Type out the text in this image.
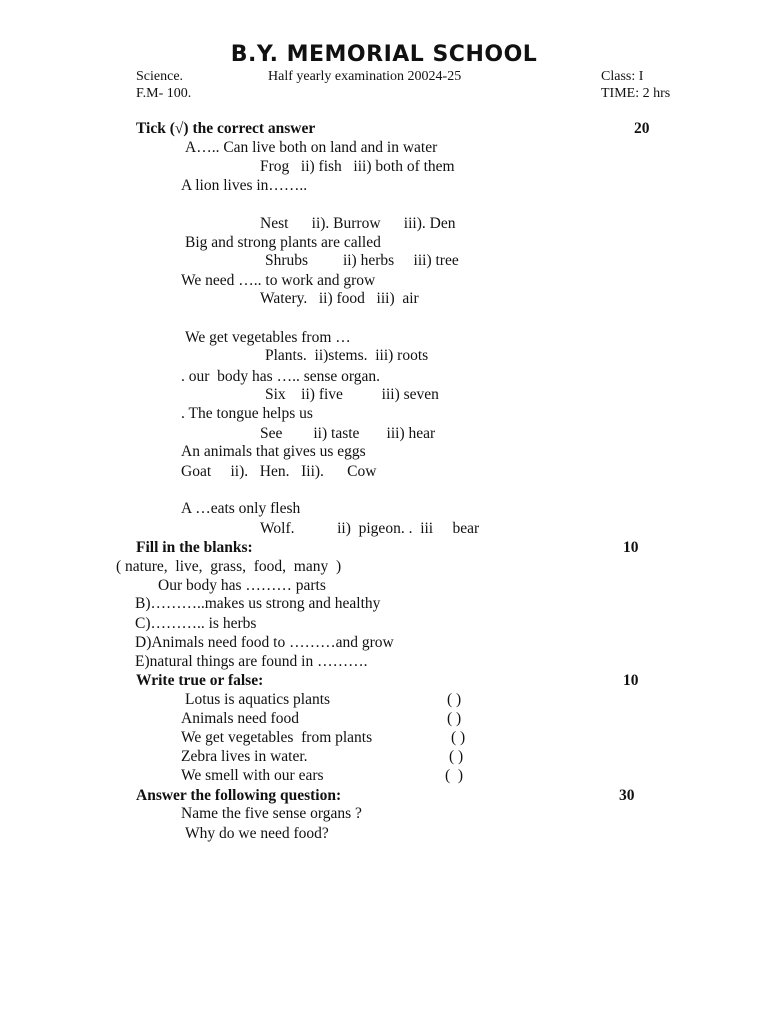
B.Y. MEMORIAL SCHOOL
Science.	Half yearly examination 20024-25	Class: I
F.M- 100.	TIME: 2 hrs
Tick (√) the correct answer	20
A….. Can live both on land and in water
Frog   ii) fish   iii) both of them
A lion lives in……..
Nest      ii). Burrow      iii). Den
Big and strong plants are called
Shrubs         ii) herbs     iii) tree
We need ….. to work and grow
Watery.   ii) food   iii)  air
We get vegetables from …
Plants.  ii)stems.  iii) roots
. our  body has ….. sense organ.
Six    ii) five          iii) seven
. The tongue helps us
See        ii) taste       iii) hear
An animals that gives us eggs
Goat     ii).   Hen.   Iii).      Cow
A …eats only flesh
Wolf.           ii)  pigeon. .  iii     bear
Fill in the blanks:	10
( nature,  live,  grass,  food,  many  )
Our body has ……… parts
B)………..makes us strong and healthy
C)……….. is herbs
D)Animals need food to ………and grow
E)natural things are found in ……….
Write true or false:	10
Lotus is aquatics plants	( )
Animals need food	( )
We get vegetables  from plants	( )
Zebra lives in water.	( )
We smell with our ears	(  )
Answer the following question:	30
Name the five sense organs ?
Why do we need food?
